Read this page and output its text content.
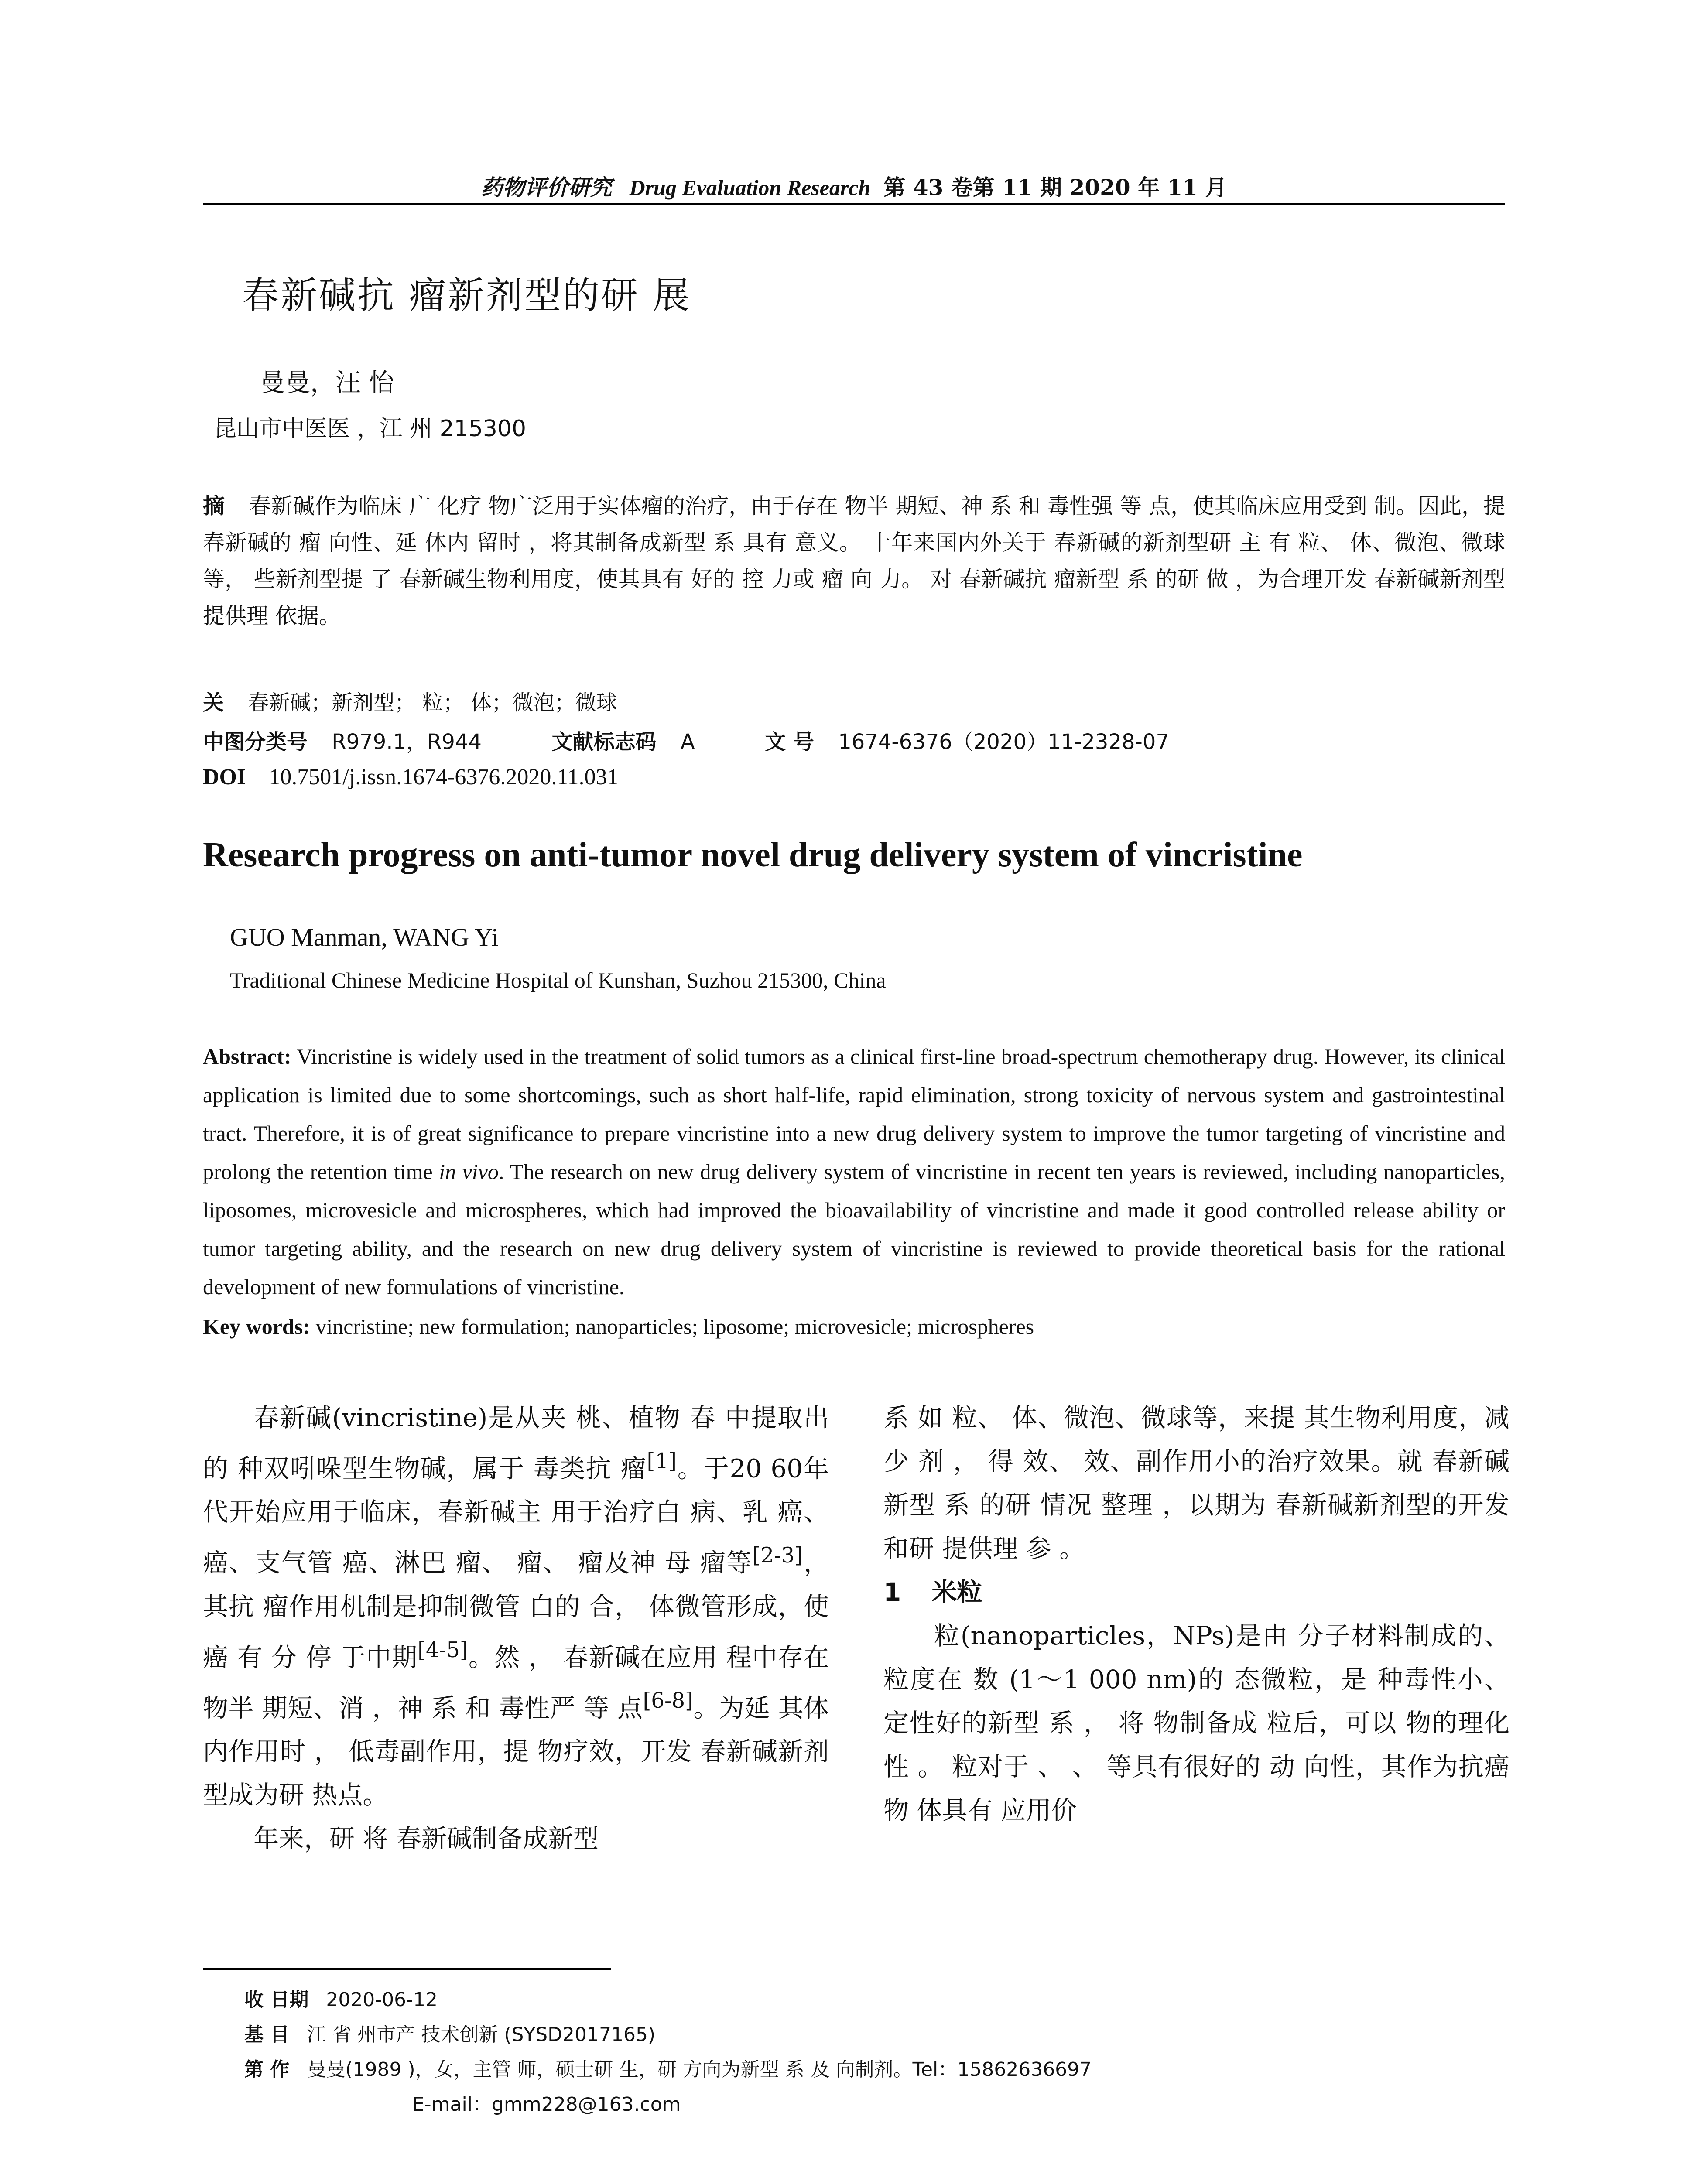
药物评价研究 Drug Evaluation Research 第 43 卷第 11 期 2020 年 11 月
春新碱抗 瘤新剂型的研 展
曼曼，汪 怡
昆山市中医医 ，江 州 215300
摘 春新碱作为临床 广 化疗 物广泛用于实体瘤的治疗，由于存在 物半 期短、神 系 和 毒性强 等 点，使其临床应用受到 制。因此，提 春新碱的 瘤 向性、延 体内 留时 ，将其制备成新型 系 具有 意义。 十年来国内外关于 春新碱的新剂型研 主 有 粒、 体、微泡、微球等， 些新剂型提 了 春新碱生物利用度，使其具有 好的 控 力或 瘤 向 力。 对 春新碱抗 瘤新型 系 的研 做 ，为合理开发 春新碱新剂型提供理 依据。
关 春新碱；新剂型； 粒； 体；微泡；微球
中图分类号 R979.1，R944	文献标志码 A	文 号 1674-6376（2020）11-2328-07
DOI 10.7501/j.issn.1674-6376.2020.11.031
Research progress on anti-tumor novel drug delivery system of vincristine
GUO Manman, WANG Yi
Traditional Chinese Medicine Hospital of Kunshan, Suzhou 215300, China
Abstract: Vincristine is widely used in the treatment of solid tumors as a clinical first-line broad-spectrum chemotherapy drug. However, its clinical application is limited due to some shortcomings, such as short half-life, rapid elimination, strong toxicity of nervous system and gastrointestinal tract. Therefore, it is of great significance to prepare vincristine into a new drug delivery system to improve the tumor targeting of vincristine and prolong the retention time in vivo. The research on new drug delivery system of vincristine in recent ten years is reviewed, including nanoparticles, liposomes, microvesicle and microspheres, which had improved the bioavailability of vincristine and made it good controlled release ability or tumor targeting ability, and the research on new drug delivery system of vincristine is reviewed to provide theoretical basis for the rational development of new formulations of vincristine.
Key words: vincristine; new formulation; nanoparticles; liposome; microvesicle; microspheres

春新碱(vincristine)是从夹 桃、植物 春 中提取出的 种双吲哚型生物碱，属于 毒类抗 瘤[1]。于20 60年代开始应用于临床，春新碱主 用于治疗白 病、乳 癌、 癌、支气管 癌、淋巴 瘤、 瘤、 瘤及神 母 瘤等[2-3]，其抗 瘤作用机制是抑制微管 白的 合， 体微管形成，使癌 有 分 停 于中期[4-5]。然 ， 春新碱在应用 程中存在 物半 期短、消 ，神 系 和 毒性严 等 点[6-8]。为延 其体内作用时 ， 低毒副作用，提 物疗效，开发 春新碱新剂型成为研 热点。

年来，研 将 春新碱制备成新型

系 如 粒、 体、微泡、微球等，来提 其生物利用度，减少 剂 ， 得 效、 效、副作用小的治疗效果。就 春新碱新型 系 的研 情况 整理 ，以期为 春新碱新剂型的开发和研 提供理 参 。

1 米粒

粒(nanoparticles，NPs)是由 分子材料制成的、粒度在 数 (1～1 000 nm)的 态微粒，是 种毒性小、 定性好的新型 系 ， 将 物制备成 粒后，可以 物的理化性 。 粒对于 、 、 等具有很好的 动 向性，其作为抗癌 物 体具有 应用价

收 日期 2020-06-12

基 目 江 省 州市产 技术创新 (SYSD2017165)

第 作 曼曼(1989 )，女，主管 师，硕士研 生，研 方向为新型 系 及 向制剂。Tel：15862636697

E-mail：gmm228@163.com
